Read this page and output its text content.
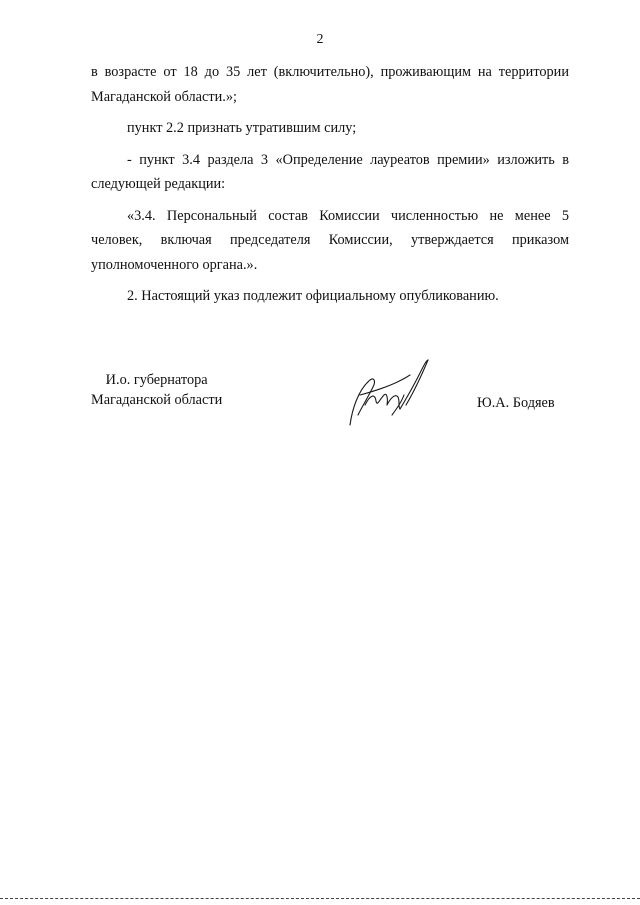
2

в возрасте от 18 до 35 лет (включительно), проживающим на территории Магаданской области.»;

пункт 2.2 признать утратившим силу;

- пункт 3.4 раздела 3 «Определение лауреатов премии» изложить в следующей редакции:

«3.4. Персональный состав Комиссии численностью не менее 5 человек, включая председателя Комиссии, утверждается приказом уполномоченного органа.».

2. Настоящий указ подлежит официальному опубликованию.

И.о. губернатора
Магаданской области	Ю.А. Бодяев
